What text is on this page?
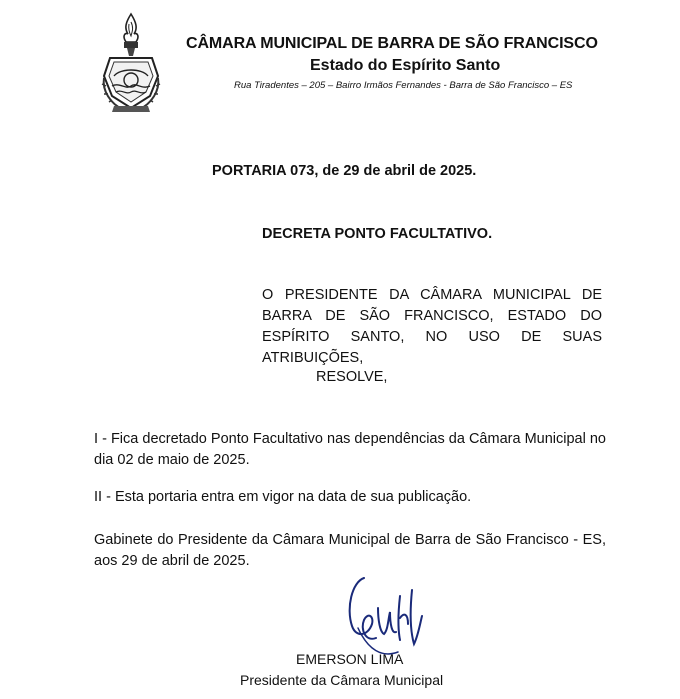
CÂMARA MUNICIPAL DE BARRA DE SÃO FRANCISCO
Estado do Espírito Santo
Rua Tiradentes – 205 – Bairro Irmãos Fernandes - Barra de São Francisco – ES
PORTARIA 073, de 29 de abril de 2025.
DECRETA PONTO FACULTATIVO.
O PRESIDENTE DA CÂMARA MUNICIPAL DE BARRA DE SÃO FRANCISCO, ESTADO DO ESPÍRITO SANTO, NO USO DE SUAS ATRIBUIÇÕES,
RESOLVE,
I - Fica decretado Ponto Facultativo nas dependências da Câmara Municipal no dia 02 de maio de 2025.
II - Esta portaria entra em vigor na data de sua publicação.
Gabinete do Presidente da Câmara Municipal de Barra de São Francisco - ES, aos 29 de abril de 2025.
EMERSON LIMA
Presidente da Câmara Municipal
